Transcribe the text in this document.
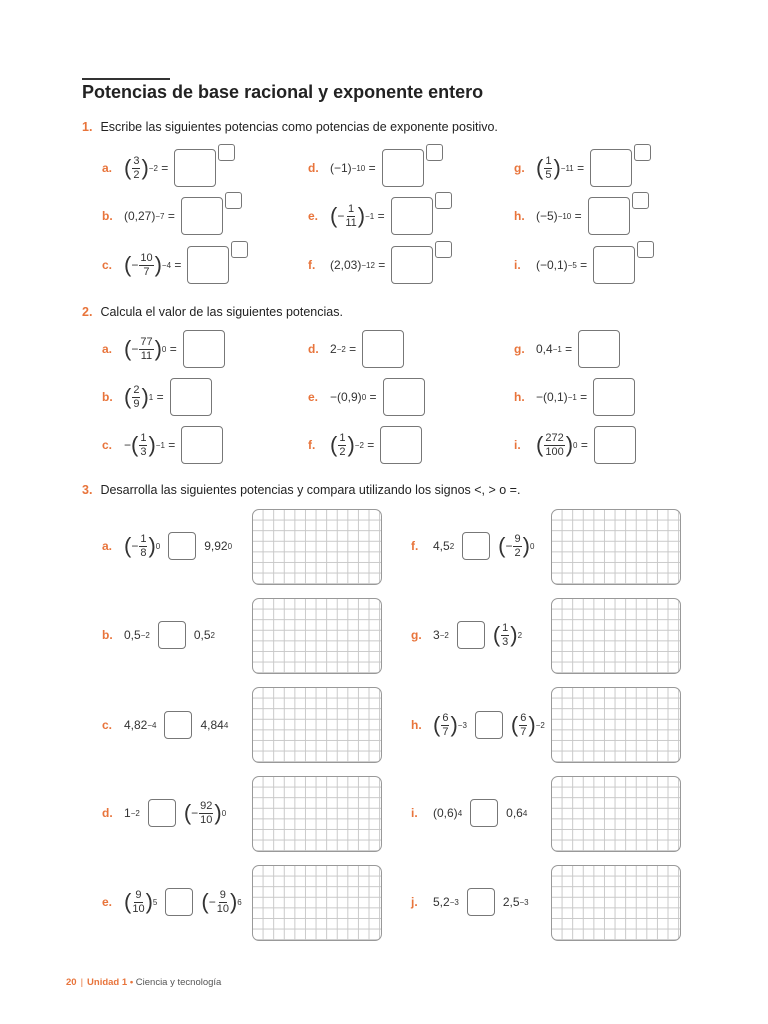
Potencias de base racional y exponente entero
1. Escribe las siguientes potencias como potencias de exponente positivo.
a. ( $\frac{3}{2}$ ) −2
=
b. (0,27) −7
=
c. ( − $\frac{10}{7}$ ) −4
=
d. (−1) −10
=
e. ( − $\frac{1}{11}$ ) −1
=
f.	(2,03) −12
=
g. ( $\frac{1}{5}$ ) −11
=
h. (−5) −10
=
i.	(−0,1) −5
=
2. Calcula el valor de las siguientes potencias.
a. ( − $\frac{77}{11}$ ) 0
=
b. ( $\frac{2}{9}$ ) 1
=
c. − ( $\frac{1}{3}$ ) −1
=
d. 2 −2
=
e. −(0,9) 0
=
f. ( $\frac{1}{2}$ ) −2
=
g. 0,4 −1
=
h. −(0,1) −1
=
i. ( $\frac{272}{100}$ ) 0
=
3. Desarrolla las siguientes potencias y compara utilizando los signos <, > o =.
a. ( − $\frac{1}{8}$ ) 0	9,92 0
b. 0,5 −2	0,5 2
c. 4,82 −4	4,84 4
d. 1 −2 ( − $\frac{92}{10}$ ) 0
e. ( $\frac{9}{10}$ ) 5 ( − $\frac{9}{10}$ ) 6
f.	4,5 2 ( − $\frac{9}{2}$ ) 0
g. 3 −2 ( $\frac{1}{3}$ ) 2
h. ( $\frac{6}{7}$ ) −3 ( $\frac{6}{7}$ ) −2
i.	(0,6) 4	0,6 4
j.	5,2 −3	2,5 −3
20 | Unidad 1 • Ciencia y tecnología
